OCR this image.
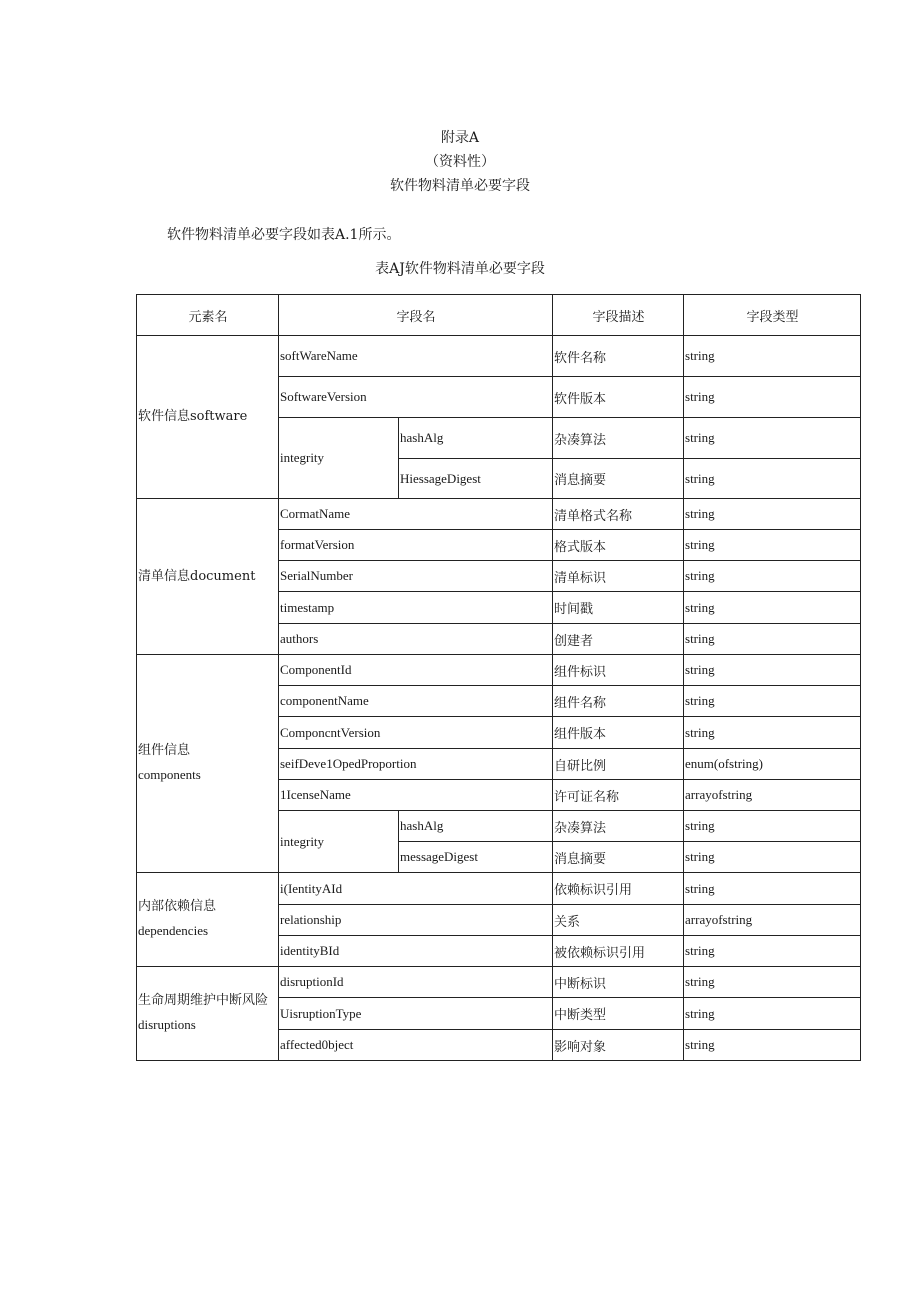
附录A
（资料性）
软件物料清单必要字段
软件物料清单必要字段如表A.1所示。
表AJ软件物料清单必要字段
元素名	字段名		字段描述	字段类型
软件信息software	softWareName		软件名称	string
	SoftwareVersion		软件版本	string
	integrity	hashAlg	杂凑算法	string
		HiessageDigest	消息摘要	string
清单信息document	CormatName		清单格式名称	string
	formatVersion		格式版本	string
	SerialNumber		清单标识	string
	timestamp		时间戳	string
	authors		创建者	string
组件信息
components	ComponentId		组件标识	string
	componentName		组件名称	string
	ComponcntVersion		组件版本	string
	seifDeve1OpedProportion		自研比例	enum(ofstring)
	1IcenseName		许可证名称	arrayofstring
	integrity	hashAlg	杂凑算法	string
		messageDigest	消息摘要	string
内部依赖信息
dependencies	i(IentityAId		依赖标识引用	string
	relationship		关系	arrayofstring
	identityBId		被依赖标识引用	string
生命周期维护中断风险
disruptions	disruptionId		中断标识	string
	UisruptionType		中断类型	string
	affected0bject		影响对象	string
